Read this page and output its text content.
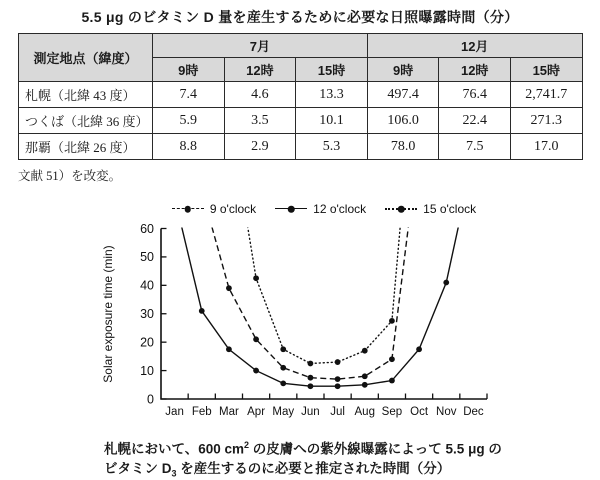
5.5 μg のビタミン D 量を産生するために必要な日照曝露時間（分）
測定地点（緯度）	7月			12月		
	9時	12時	15時	9時	12時	15時
札幌（北緯 43 度）	7.4	4.6	13.3	497.4	76.4	2,741.7
つくば（北緯 36 度）	5.9	3.5	10.1	106.0	22.4	271.3
那覇（北緯 26 度）	8.8	2.9	5.3	78.0	7.5	17.0
文献 51）を改変。
9 o'clock	12 o'clock	15 o'clock
Solar exposure time (min)
0
10
20
30
40
50
60
Jan Feb Mar Apr May Jun Jul Aug Sep Oct Nov Dec
札幌において、600 $cm^2$ の皮膚への紫外線曝露によって 5.5 μg の
ビタミン $D_3$ を産生するのに必要と推定された時間（分）
